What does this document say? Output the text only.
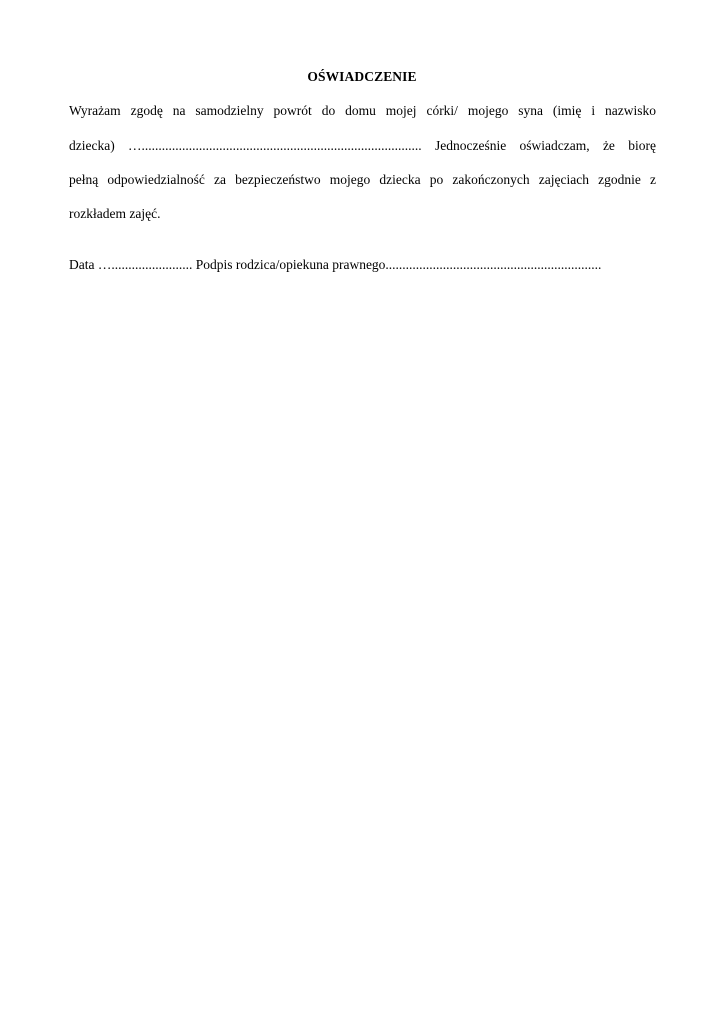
OŚWIADCZENIE
Wyrażam zgodę na samodzielny powrót do domu mojej córki/ mojego syna (imię i nazwisko
dziecka) …................................................................................... Jednocześnie oświadczam, że biorę
pełną odpowiedzialność za bezpieczeństwo mojego dziecka po zakończonych zajęciach zgodnie z
rozkładem zajęć.
Data …........................ Podpis rodzica/opiekuna prawnego................................................................
